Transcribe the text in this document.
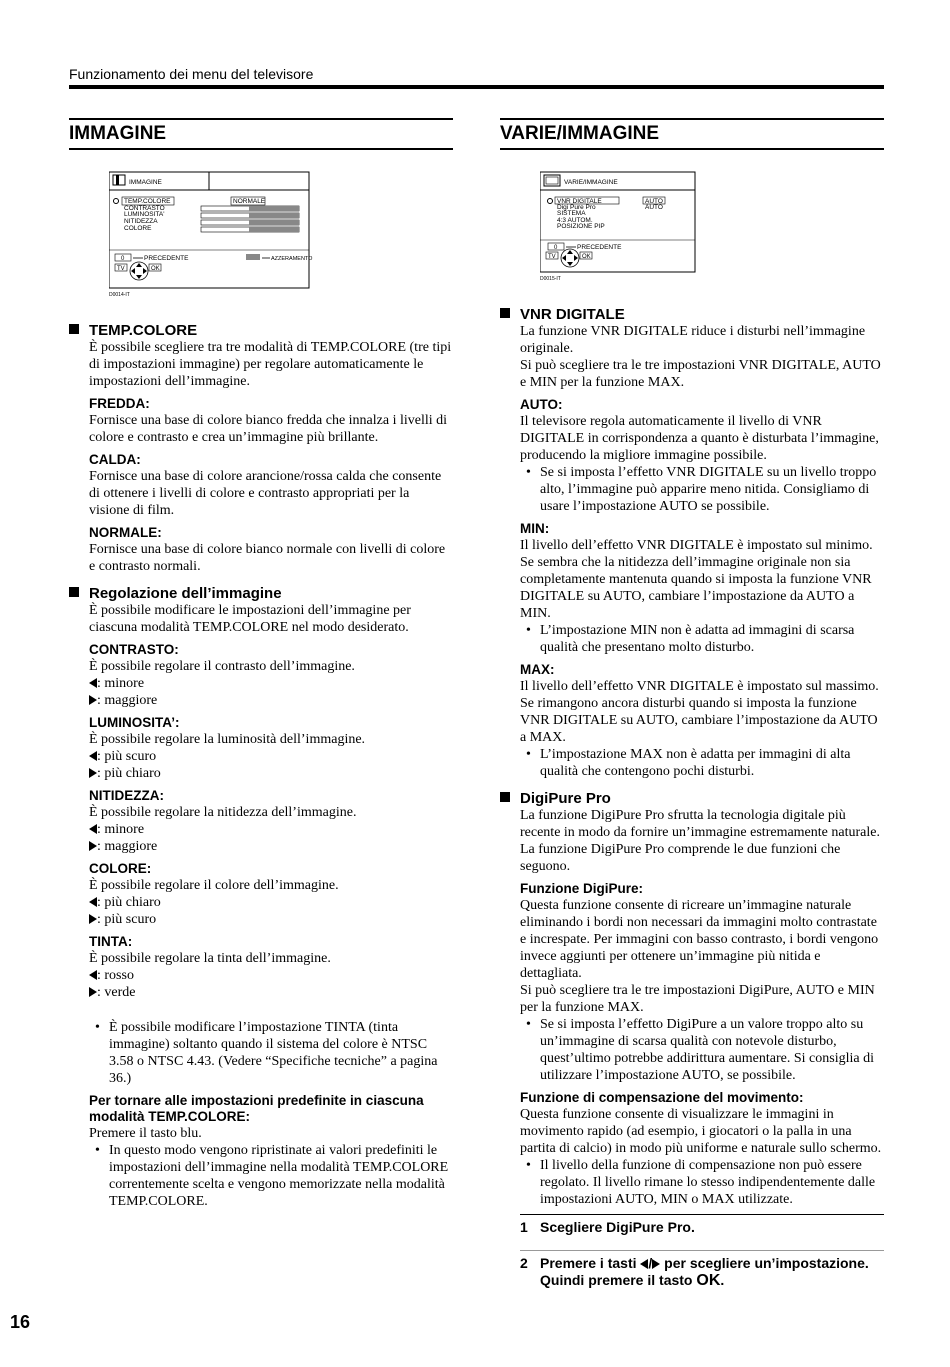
Funzionamento dei menu del televisore
IMMAGINE
IMMAGINE
TEMP.COLORE
CONTRASTO
LUMINOSITA'
NITIDEZZA
COLORE
NORMALE
0	PRECEDENTE	AZZERAMENTO
TV	OK
D0014-IT
TEMP.COLORE

È possibile scegliere tra tre modalità di TEMP.COLORE (tre tipi di impostazioni immagine) per regolare automaticamente le impostazioni dell’immagine.

FREDDA:

Fornisce una base di colore bianco fredda che innalza i livelli di colore e contrasto e crea un’immagine più brillante.

CALDA:

Fornisce una base di colore arancione/rossa calda che consente di ottenere i livelli di colore e contrasto appropriati per la visione di film.

NORMALE:

Fornisce una base di colore bianco normale con livelli di colore e contrasto normali.

Regolazione dell’immagine

È possibile modificare le impostazioni dell’immagine per ciascuna modalità TEMP.COLORE nel modo desiderato.

CONTRASTO:

È possibile regolare il contrasto dell’immagine.

: minore

: maggiore

LUMINOSITA’:

È possibile regolare la luminosità dell’immagine.

: più scuro

: più chiaro

NITIDEZZA:

È possibile regolare la nitidezza dell’immagine.

: minore

: maggiore

COLORE:

È possibile regolare il colore dell’immagine.

: più chiaro

: più scuro

TINTA:

È possibile regolare la tinta dell’immagine.

: rosso

: verde

• È possibile modificare l’impostazione TINTA (tinta immagine) soltanto quando il sistema del colore è NTSC 3.58 o NTSC 4.43. (Vedere “Specifiche tecniche” a pagina 36.)

Per tornare alle impostazioni predefinite in ciascuna modalità TEMP.COLORE:

Premere il tasto blu.

• In questo modo vengono ripristinate ai valori predefiniti le impostazioni dell’immagine nella modalità TEMP.COLORE correntemente scelta e vengono memorizzate nella modalità TEMP.COLORE.

VARIE/IMMAGINE
VARIE/IMMAGINE
VNR DIGITALE
Digi Pure Pro
SISTEMA
4:3 AUTOM.
POSIZIONE PIP
AUTO
AUTO
0	PRECEDENTE
TV	OK
D0015-IT
VNR DIGITALE

La funzione VNR DIGITALE riduce i disturbi nell’immagine originale.

Si può scegliere tra le tre impostazioni VNR DIGITALE, AUTO e MIN per la funzione MAX.

AUTO:

Il televisore regola automaticamente il livello di VNR DIGITALE in corrispondenza a quanto è disturbata l’immagine, producendo la migliore immagine possibile.

• Se si imposta l’effetto VNR DIGITALE su un livello troppo alto, l’immagine può apparire meno nitida. Consigliamo di usare l’impostazione AUTO se possibile.

MIN:

Il livello dell’effetto VNR DIGITALE è impostato sul minimo. Se sembra che la nitidezza dell’immagine originale non sia completamente mantenuta quando si imposta la funzione VNR DIGITALE su AUTO, cambiare l’impostazione da AUTO a MIN.

• L’impostazione MIN non è adatta ad immagini di scarsa qualità che presentano molto disturbo.

MAX:

Il livello dell’effetto VNR DIGITALE è impostato sul massimo. Se rimangono ancora disturbi quando si imposta la funzione VNR DIGITALE su AUTO, cambiare l’impostazione da AUTO a MAX.

• L’impostazione MAX non è adatta per immagini di alta qualità che contengono pochi disturbi.

DigiPure Pro

La funzione DigiPure Pro sfrutta la tecnologia digitale più recente in modo da fornire un’immagine estremamente naturale. La funzione DigiPure Pro comprende le due funzioni che seguono.

Funzione DigiPure:

Questa funzione consente di ricreare un’immagine naturale eliminando i bordi non necessari da immagini molto contrastate e increspate. Per immagini con basso contrasto, i bordi vengono invece aggiunti per ottenere un’immagine più nitida e dettagliata.

Si può scegliere tra le tre impostazioni DigiPure, AUTO e MIN per la funzione MAX.

• Se si imposta l’effetto DigiPure a un valore troppo alto su un’immagine di scarsa qualità con notevole disturbo, quest’ultimo potrebbe addirittura aumentare. Si consiglia di utilizzare l’impostazione AUTO, se possibile.

Funzione di compensazione del movimento:

Questa funzione consente di visualizzare le immagini in movimento rapido (ad esempio, i giocatori o la palla in una partita di calcio) in modo più uniforme e naturale sullo schermo.

• Il livello della funzione di compensazione non può essere regolato. Il livello rimane lo stesso indipendentemente dalle impostazioni AUTO, MIN o MAX utilizzate.

1 Scegliere DigiPure Pro.
2 Premere i tasti / per scegliere un’impostazione. Quindi premere il tasto OK.
16
